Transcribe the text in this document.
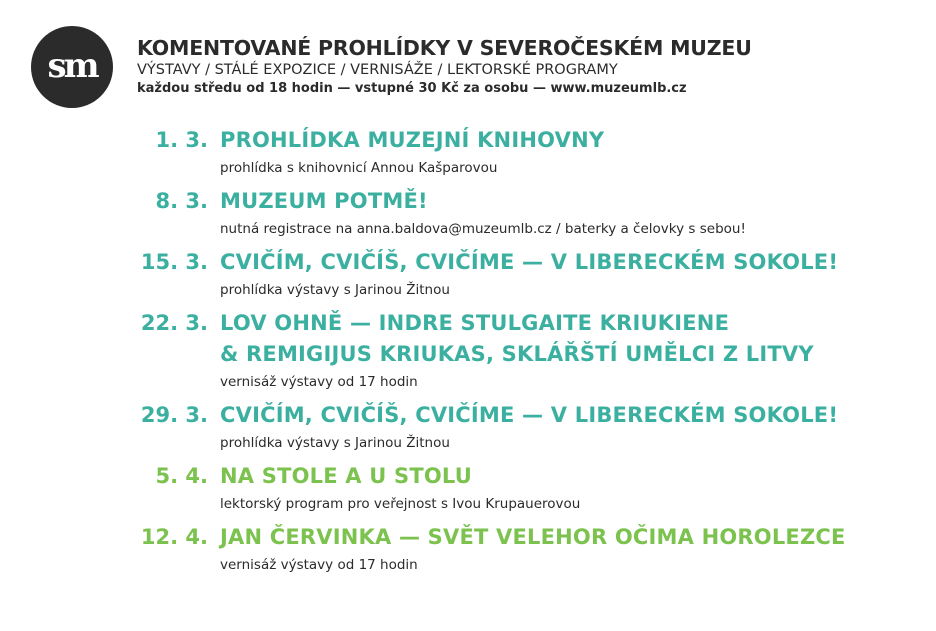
sm KOMENTOVANÉ PROHLÍDKY V SEVEROČESKÉM MUZEU
VÝSTAVY / STÁLÉ EXPOZICE / VERNISÁŽE / LEKTORSKÉ PROGRAMY
každou středu od 18 hodin — vstupné 30 Kč za osobu — www.muzeumlb.cz
1. 3. PROHLÍDKA MUZEJNÍ KNIHOVNY
prohlídka s knihovnicí Annou Kašparovou
8. 3. MUZEUM POTMĚ!
nutná registrace na anna.baldova@muzeumlb.cz / baterky a čelovky s sebou!
15. 3. CVIČÍM, CVIČÍŠ, CVIČÍME — V LIBERECKÉM SOKOLE!
prohlídka výstavy s Jarinou Žitnou
22. 3. LOV OHNĚ — INDRE STULGAITE KRIUKIENE
& REMIGIJUS KRIUKAS, SKLÁŘŠTÍ UMĚLCI Z LITVY
vernisáž výstavy od 17 hodin
29. 3. CVIČÍM, CVIČÍŠ, CVIČÍME — V LIBERECKÉM SOKOLE!
prohlídka výstavy s Jarinou Žitnou
5. 4. NA STOLE A U STOLU
lektorský program pro veřejnost s Ivou Krupauerovou
12. 4. JAN ČERVINKA — SVĚT VELEHOR OČIMA HOROLEZCE
vernisáž výstavy od 17 hodin
